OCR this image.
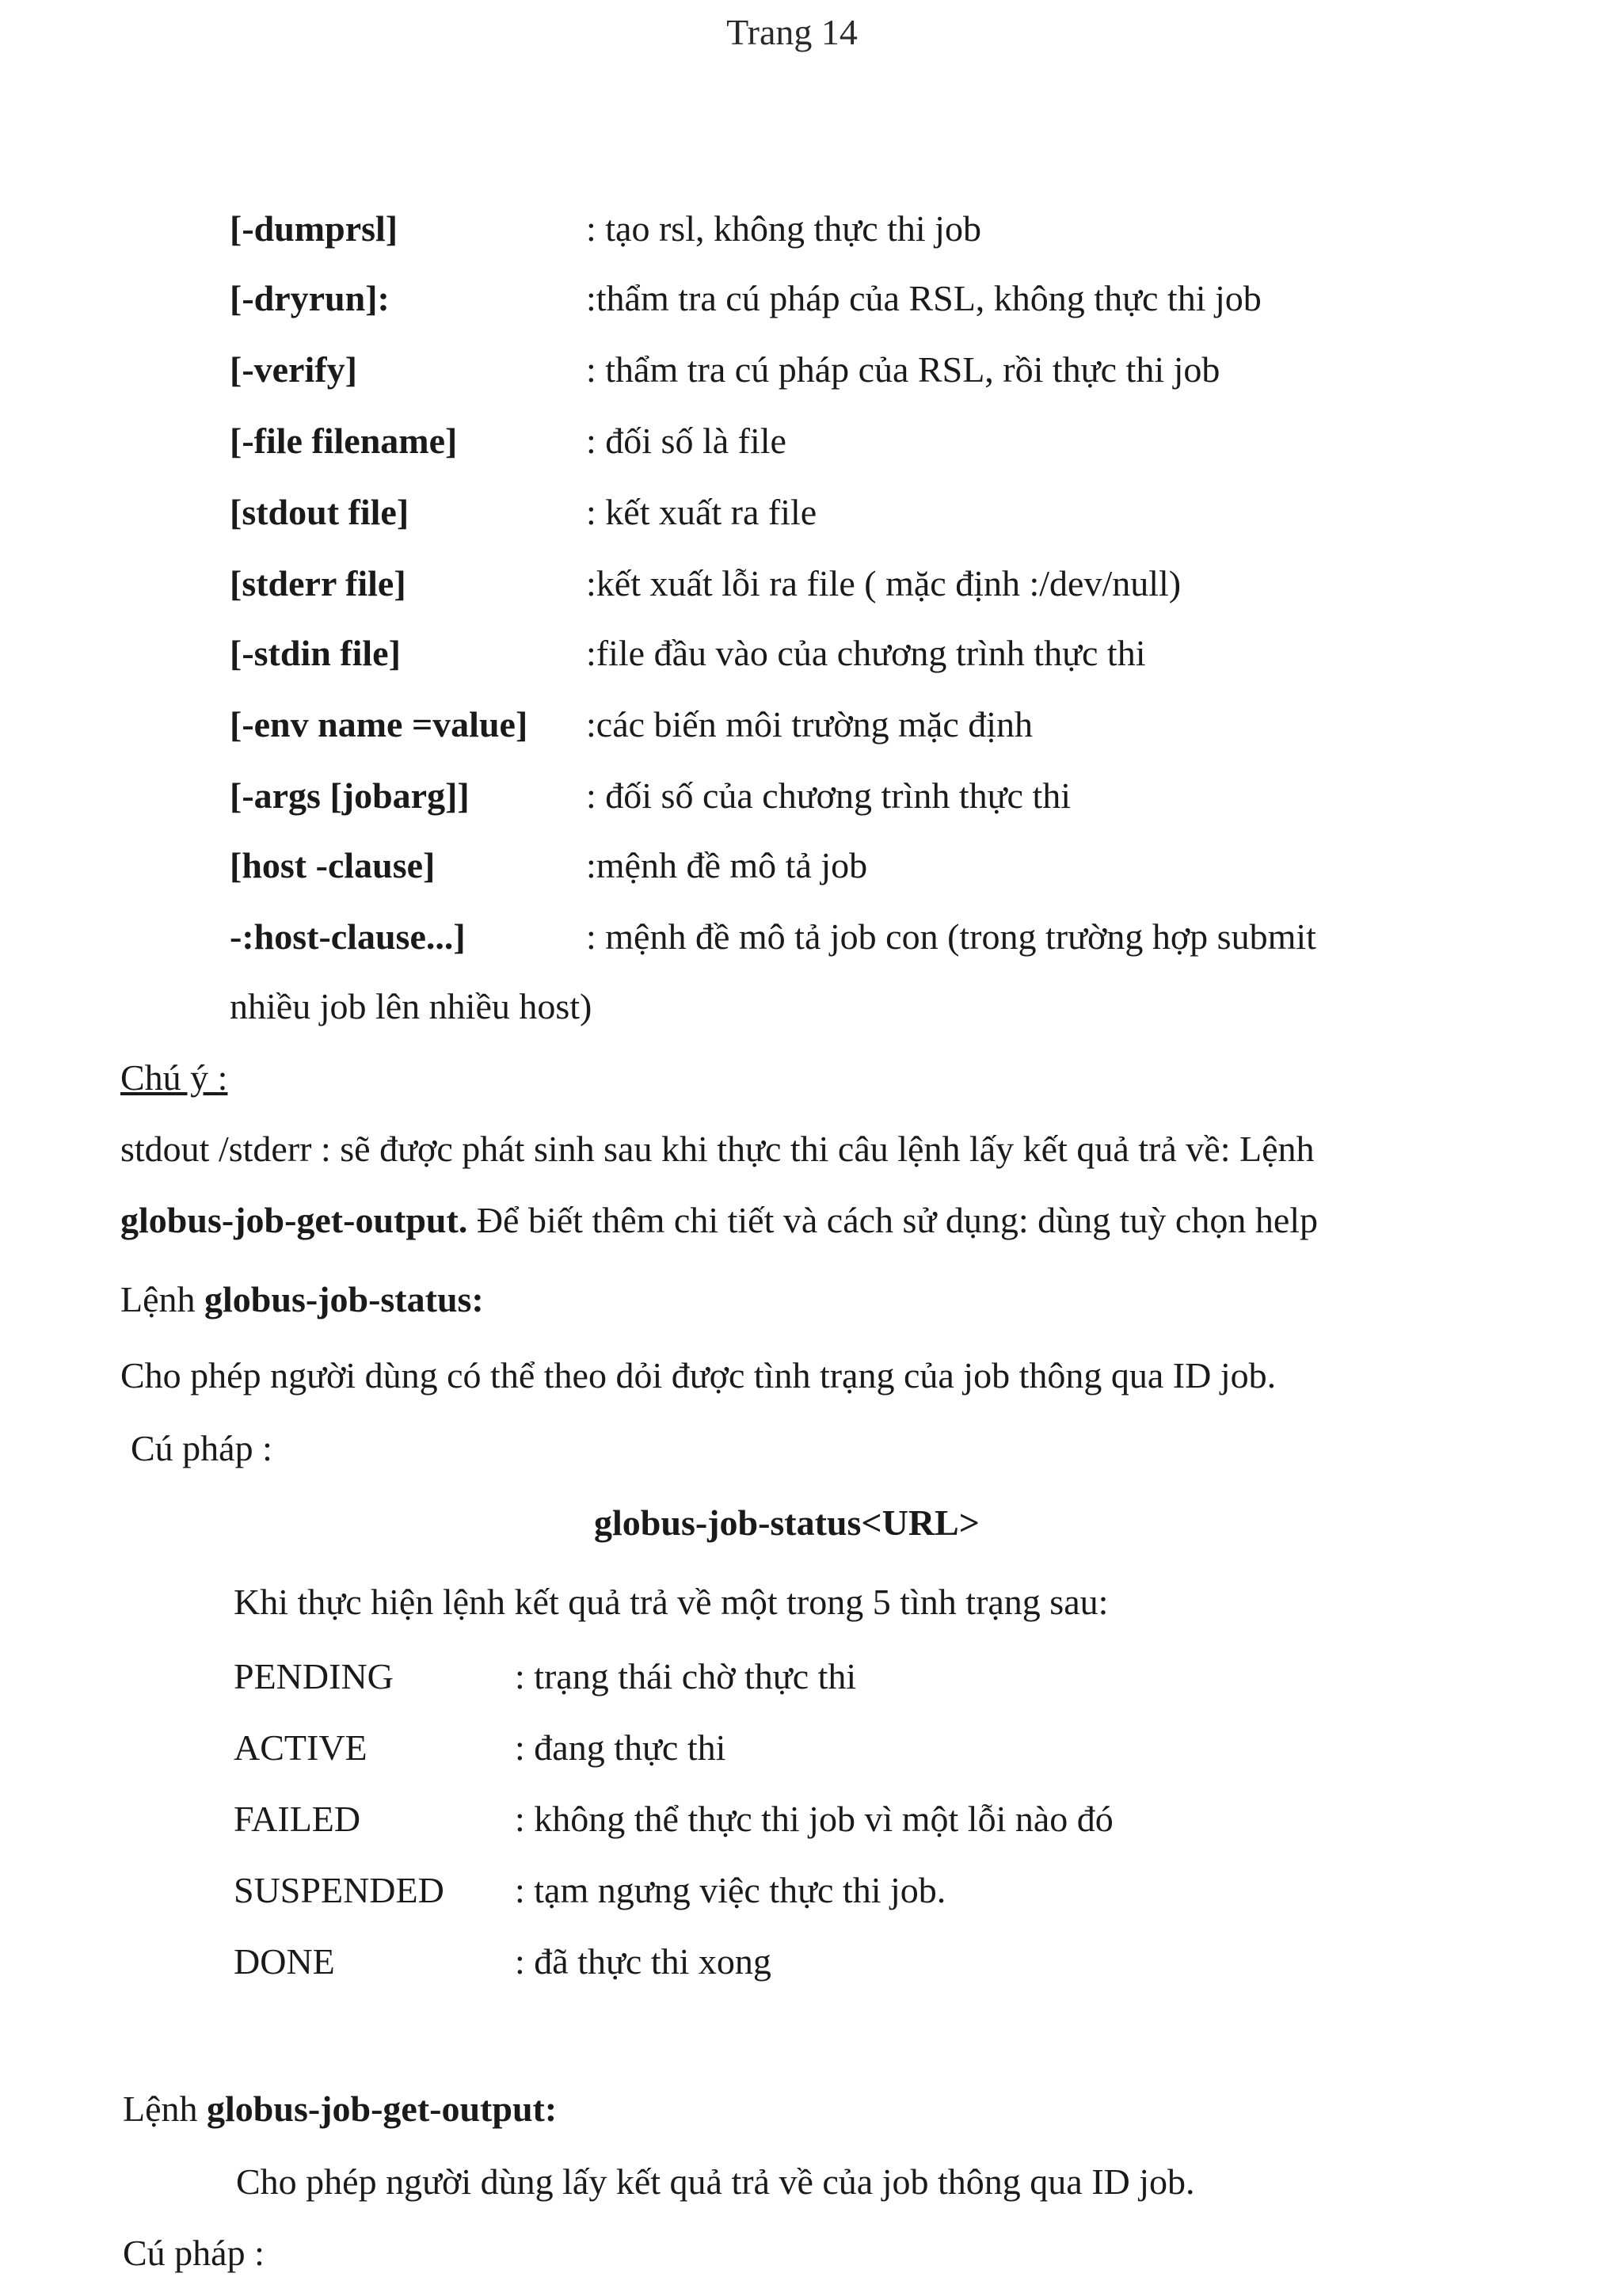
Trang 14
[-dumprsl]	: tạo rsl, không thực thi job
[-dryrun]:	:thẩm tra cú pháp của RSL, không thực thi job
[-verify]	: thẩm tra cú pháp của RSL, rồi thực thi job
[-file filename]	: đối số là file
[stdout file]	: kết xuất ra file
[stderr file]	:kết xuất lỗi ra file ( mặc định :/dev/null)
[-stdin file]	:file đầu vào của chương trình thực thi
[-env name =value] :các biến môi trường mặc định
[-args [jobarg]]	: đối số của chương trình thực thi
[host -clause]	:mệnh đề mô tả job
-:host-clause...]	: mệnh đề mô tả job con (trong trường hợp submit
nhiều job lên nhiều host)
Chú ý :
stdout /stderr : sẽ được phát sinh sau khi thực thi câu lệnh lấy kết quả trả về: Lệnh
globus-job-get-output. Để biết thêm chi tiết và cách sử dụng: dùng tuỳ chọn help
Lệnh globus-job-status:
Cho phép người dùng có thể theo dỏi được tình trạng của job thông qua ID job.
Cú pháp :
globus-job-status<URL>
Khi thực hiện lệnh kết quả trả về một trong 5 tình trạng sau:
PENDING	: trạng thái chờ thực thi
ACTIVE	: đang thực thi
FAILED	: không thể thực thi job vì một lỗi nào đó
SUSPENDED : tạm ngưng việc thực thi job.
DONE	: đã thực thi xong
Lệnh globus-job-get-output:
Cho phép người dùng lấy kết quả trả về của job thông qua ID job.
Cú pháp :
